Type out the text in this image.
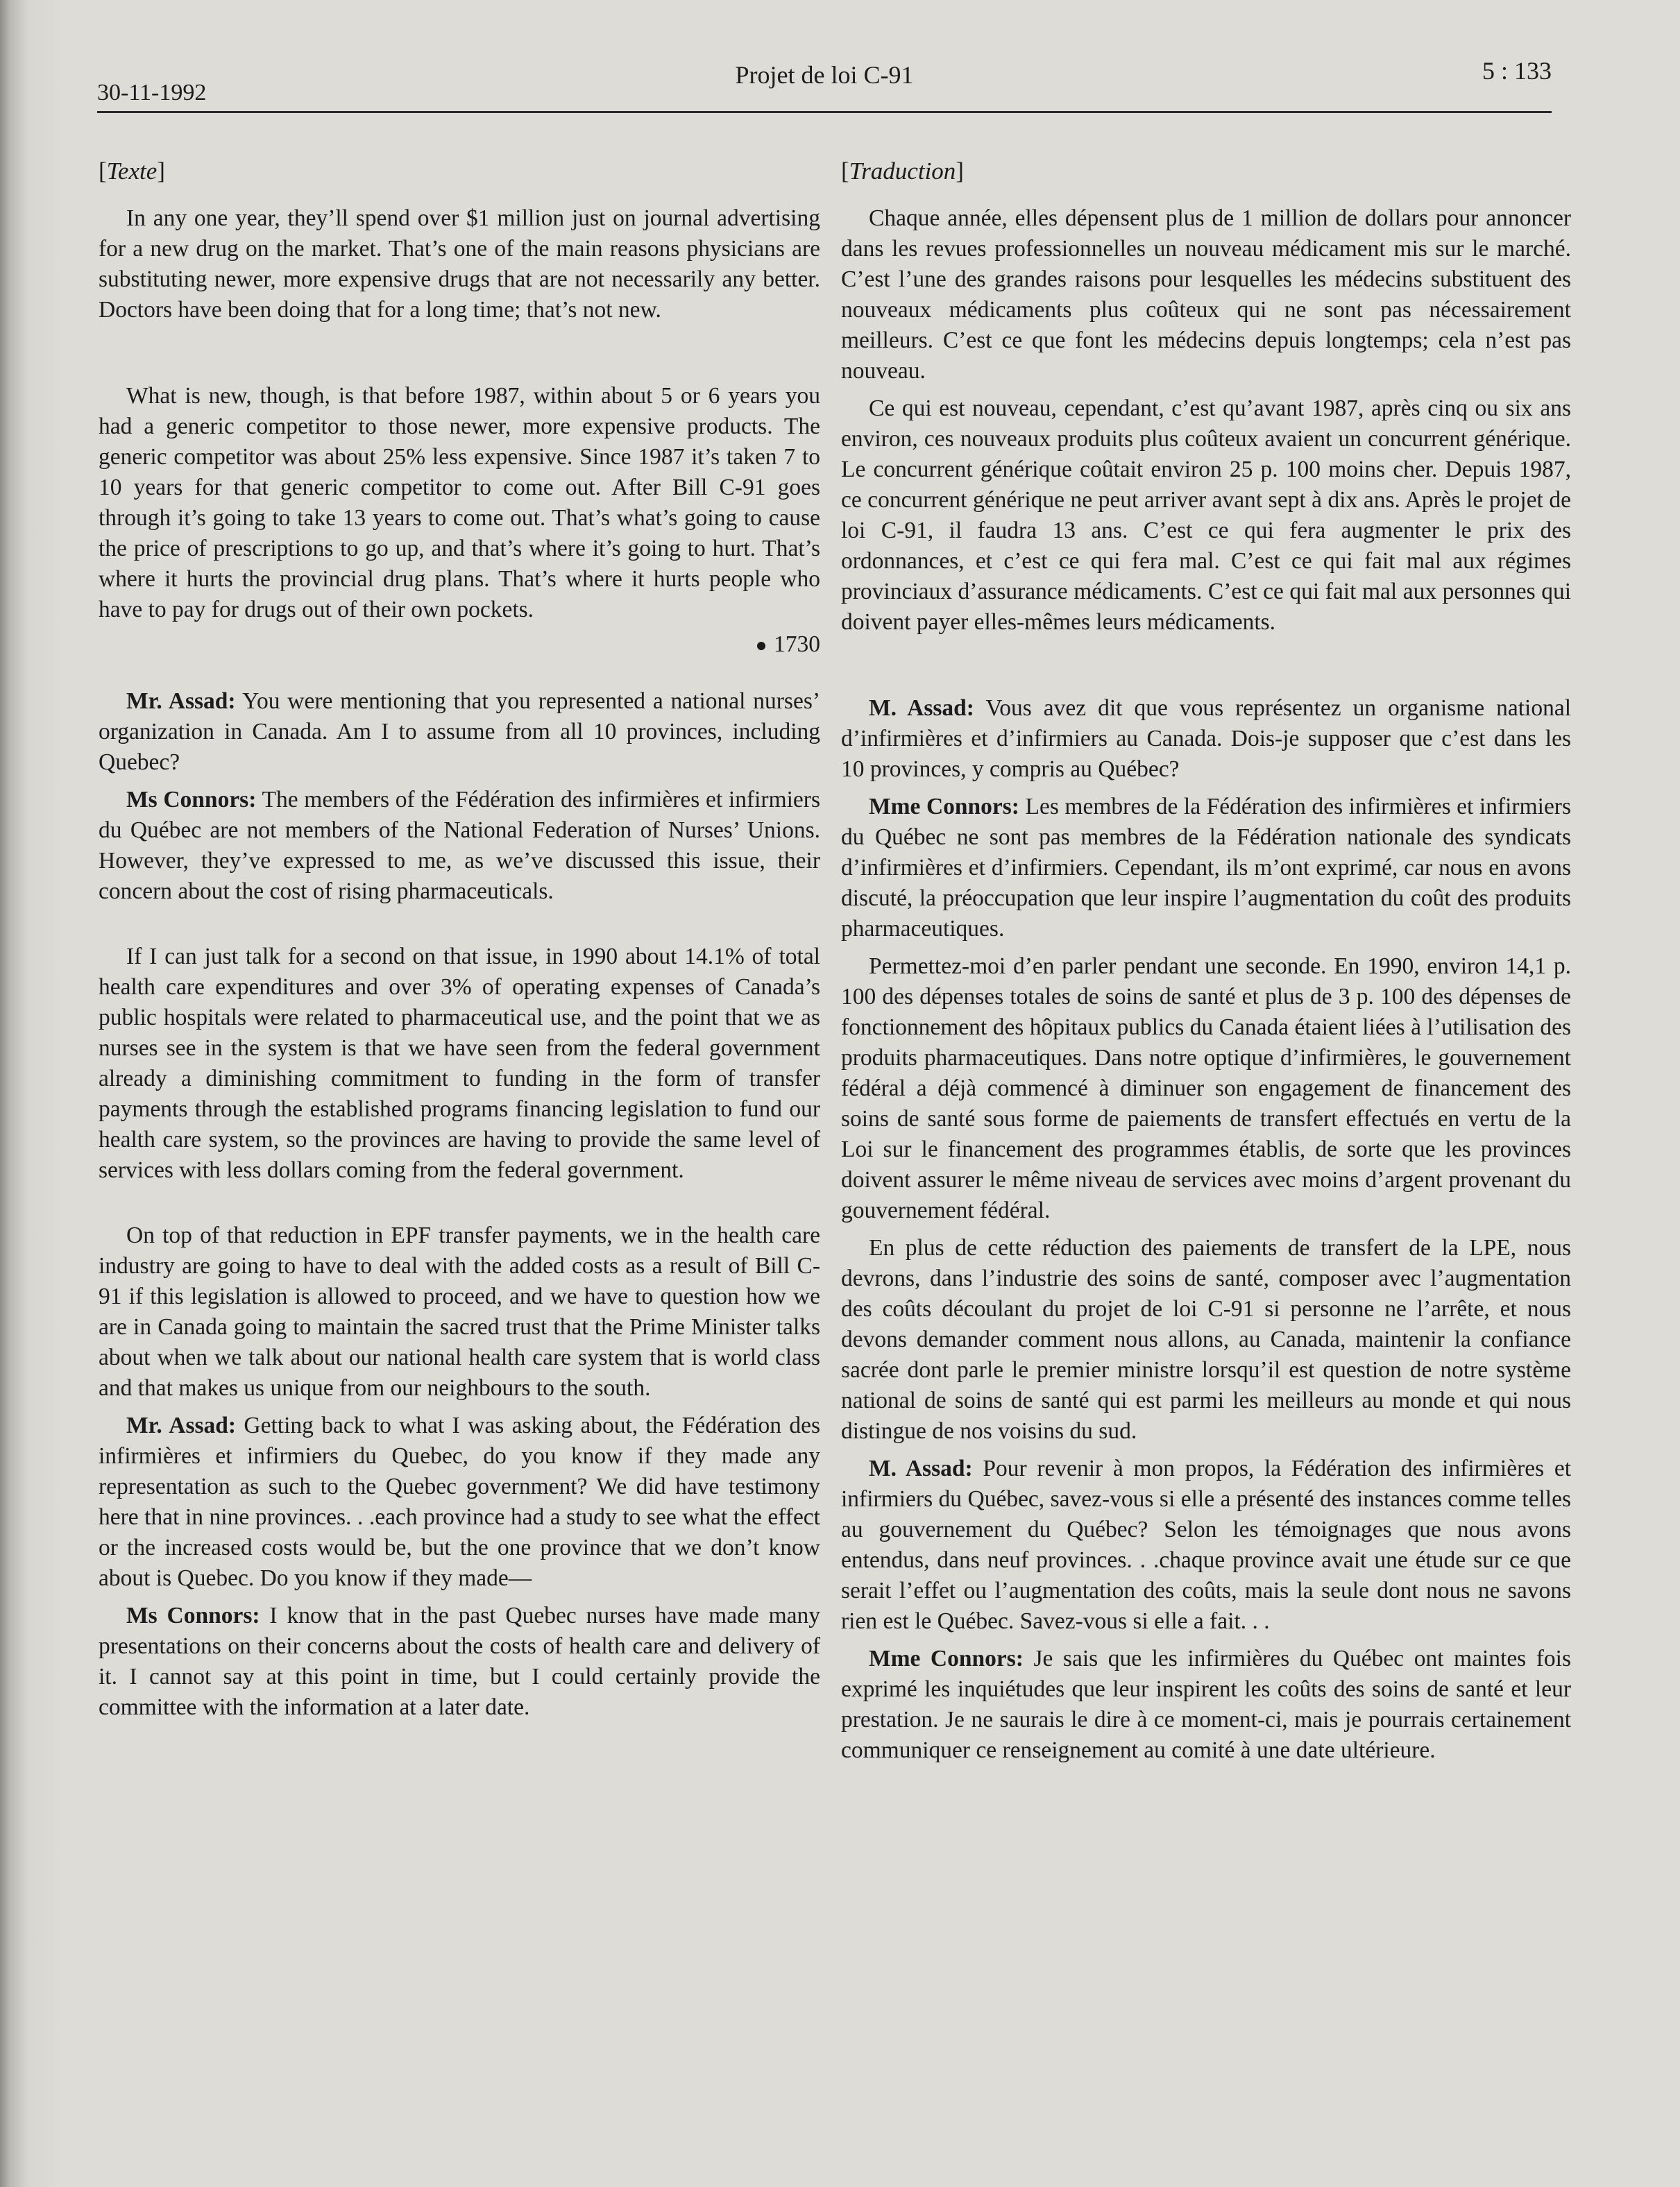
30-11-1992
Projet de loi C-91	5 : 133

[Texte]

In any one year, they’ll spend over $1 million just on journal advertising for a new drug on the market. That’s one of the main reasons physicians are substituting newer, more expensive drugs that are not necessarily any better. Doctors have been doing that for a long time; that’s not new.

What is new, though, is that before 1987, within about 5 or 6 years you had a generic competitor to those newer, more expensive products. The generic competitor was about 25% less expensive. Since 1987 it’s taken 7 to 10 years for that generic competitor to come out. After Bill C-91 goes through it’s going to take 13 years to come out. That’s what’s going to cause the price of prescriptions to go up, and that’s where it’s going to hurt. That’s where it hurts the provincial drug plans. That’s where it hurts people who have to pay for drugs out of their own pockets.

1730

Mr. Assad: You were mentioning that you represented a national nurses’ organization in Canada. Am I to assume from all 10 provinces, including Quebec?

Ms Connors: The members of the Fédération des infirmières et infirmiers du Québec are not members of the National Federation of Nurses’ Unions. However, they’ve expressed to me, as we’ve discussed this issue, their concern about the cost of rising pharmaceuticals.

If I can just talk for a second on that issue, in 1990 about 14.1% of total health care expenditures and over 3% of operating expenses of Canada’s public hospitals were related to pharmaceutical use, and the point that we as nurses see in the system is that we have seen from the federal government already a diminishing commitment to funding in the form of transfer payments through the established programs financing legislation to fund our health care system, so the provinces are having to provide the same level of services with less dollars coming from the federal government.

On top of that reduction in EPF transfer payments, we in the health care industry are going to have to deal with the added costs as a result of Bill C-91 if this legislation is allowed to proceed, and we have to question how we are in Canada going to maintain the sacred trust that the Prime Minister talks about when we talk about our national health care system that is world class and that makes us unique from our neighbours to the south.

Mr. Assad: Getting back to what I was asking about, the Fédération des infirmières et infirmiers du Quebec, do you know if they made any representation as such to the Quebec government? We did have testimony here that in nine provinces. . .each province had a study to see what the effect or the increased costs would be, but the one province that we don’t know about is Quebec. Do you know if they made—

Ms Connors: I know that in the past Quebec nurses have made many presentations on their concerns about the costs of health care and delivery of it. I cannot say at this point in time, but I could certainly provide the committee with the information at a later date.

[Traduction]

Chaque année, elles dépensent plus de 1 million de dollars pour annoncer dans les revues professionnelles un nouveau médicament mis sur le marché. C’est l’une des grandes raisons pour lesquelles les médecins substituent des nouveaux médicaments plus coûteux qui ne sont pas nécessairement meilleurs. C’est ce que font les médecins depuis longtemps; cela n’est pas nouveau.

Ce qui est nouveau, cependant, c’est qu’avant 1987, après cinq ou six ans environ, ces nouveaux produits plus coûteux avaient un concurrent générique. Le concurrent générique coûtait environ 25 p. 100 moins cher. Depuis 1987, ce concurrent générique ne peut arriver avant sept à dix ans. Après le projet de loi C-91, il faudra 13 ans. C’est ce qui fera augmenter le prix des ordonnances, et c’est ce qui fera mal. C’est ce qui fait mal aux régimes provinciaux d’assurance médicaments. C’est ce qui fait mal aux personnes qui doivent payer elles-mêmes leurs médicaments.

M. Assad: Vous avez dit que vous représentez un organisme national d’infirmières et d’infirmiers au Canada. Dois-je supposer que c’est dans les 10 provinces, y compris au Québec?

Mme Connors: Les membres de la Fédération des infirmières et infirmiers du Québec ne sont pas membres de la Fédération nationale des syndicats d’infirmières et d’infirmiers. Cependant, ils m’ont exprimé, car nous en avons discuté, la préoccupation que leur inspire l’augmentation du coût des produits pharmaceutiques.

Permettez-moi d’en parler pendant une seconde. En 1990, environ 14,1 p. 100 des dépenses totales de soins de santé et plus de 3 p. 100 des dépenses de fonctionnement des hôpitaux publics du Canada étaient liées à l’utilisation des produits pharmaceutiques. Dans notre optique d’infirmières, le gouvernement fédéral a déjà commencé à diminuer son engagement de financement des soins de santé sous forme de paiements de transfert effectués en vertu de la Loi sur le financement des programmes établis, de sorte que les provinces doivent assurer le même niveau de services avec moins d’argent provenant du gouvernement fédéral.

En plus de cette réduction des paiements de transfert de la LPE, nous devrons, dans l’industrie des soins de santé, composer avec l’augmentation des coûts découlant du projet de loi C-91 si personne ne l’arrête, et nous devons demander comment nous allons, au Canada, maintenir la confiance sacrée dont parle le premier ministre lorsqu’il est question de notre système national de soins de santé qui est parmi les meilleurs au monde et qui nous distingue de nos voisins du sud.

M. Assad: Pour revenir à mon propos, la Fédération des infirmières et infirmiers du Québec, savez-vous si elle a présenté des instances comme telles au gouvernement du Québec? Selon les témoignages que nous avons entendus, dans neuf provinces. . .chaque province avait une étude sur ce que serait l’effet ou l’augmentation des coûts, mais la seule dont nous ne savons rien est le Québec. Savez-vous si elle a fait. . .

Mme Connors: Je sais que les infirmières du Québec ont maintes fois exprimé les inquiétudes que leur inspirent les coûts des soins de santé et leur prestation. Je ne saurais le dire à ce moment-ci, mais je pourrais certainement communiquer ce renseignement au comité à une date ultérieure.
